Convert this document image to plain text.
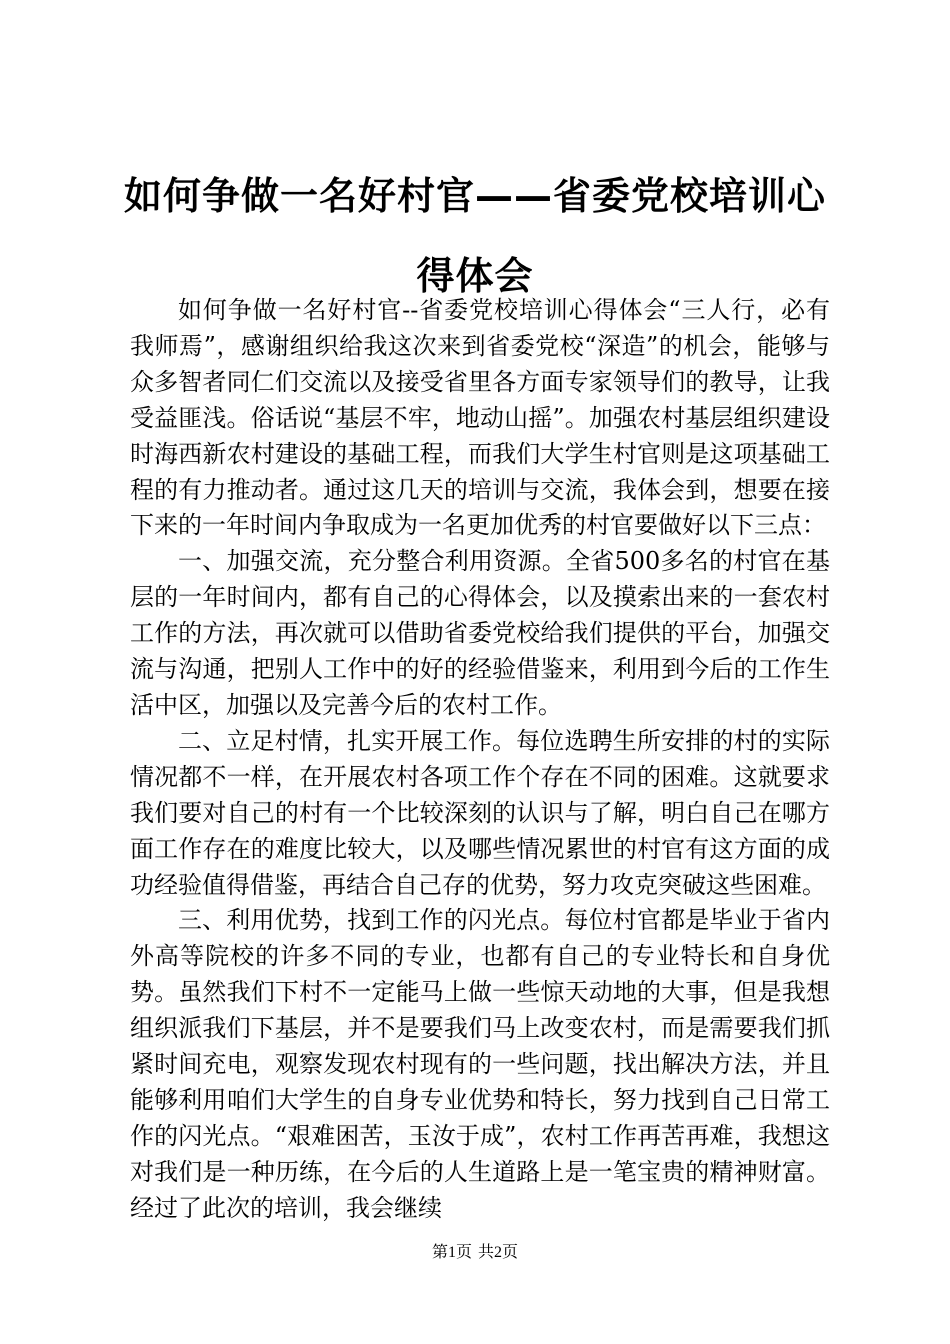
如何争做一名好村官——省委党校培训心得体会

如何争做一名好村官--省委党校培训心得体会“三人行，必有我师焉”，感谢组织给我这次来到省委党校“深造”的机会，能够与众多智者同仁们交流以及接受省里各方面专家领导们的教导，让我受益匪浅。俗话说“基层不牢，地动山摇”。加强农村基层组织建设时海西新农村建设的基础工程，而我们大学生村官则是这项基础工程的有力推动者。通过这几天的培训与交流，我体会到，想要在接下来的一年时间内争取成为一名更加优秀的村官要做好以下三点：

一、加强交流，充分整合利用资源。全省500多名的村官在基层的一年时间内，都有自己的心得体会，以及摸索出来的一套农村工作的方法，再次就可以借助省委党校给我们提供的平台，加强交流与沟通，把别人工作中的好的经验借鉴来，利用到今后的工作生活中区，加强以及完善今后的农村工作。

二、立足村情，扎实开展工作。每位选聘生所安排的村的实际情况都不一样，在开展农村各项工作个存在不同的困难。这就要求我们要对自己的村有一个比较深刻的认识与了解，明白自己在哪方面工作存在的难度比较大，以及哪些情况累世的村官有这方面的成功经验值得借鉴，再结合自己存的优势，努力攻克突破这些困难。

三、利用优势，找到工作的闪光点。每位村官都是毕业于省内外高等院校的许多不同的专业，也都有自己的专业特长和自身优势。虽然我们下村不一定能马上做一些惊天动地的大事，但是我想组织派我们下基层，并不是要我们马上改变农村，而是需要我们抓紧时间充电，观察发现农村现有的一些问题，找出解决方法，并且能够利用咱们大学生的自身专业优势和特长，努力找到自己日常工作的闪光点。“艰难困苦，玉汝于成”，农村工作再苦再难，我想这对我们是一种历练，在今后的人生道路上是一笔宝贵的精神财富。经过了此次的培训，我会继续

第1页 共2页
